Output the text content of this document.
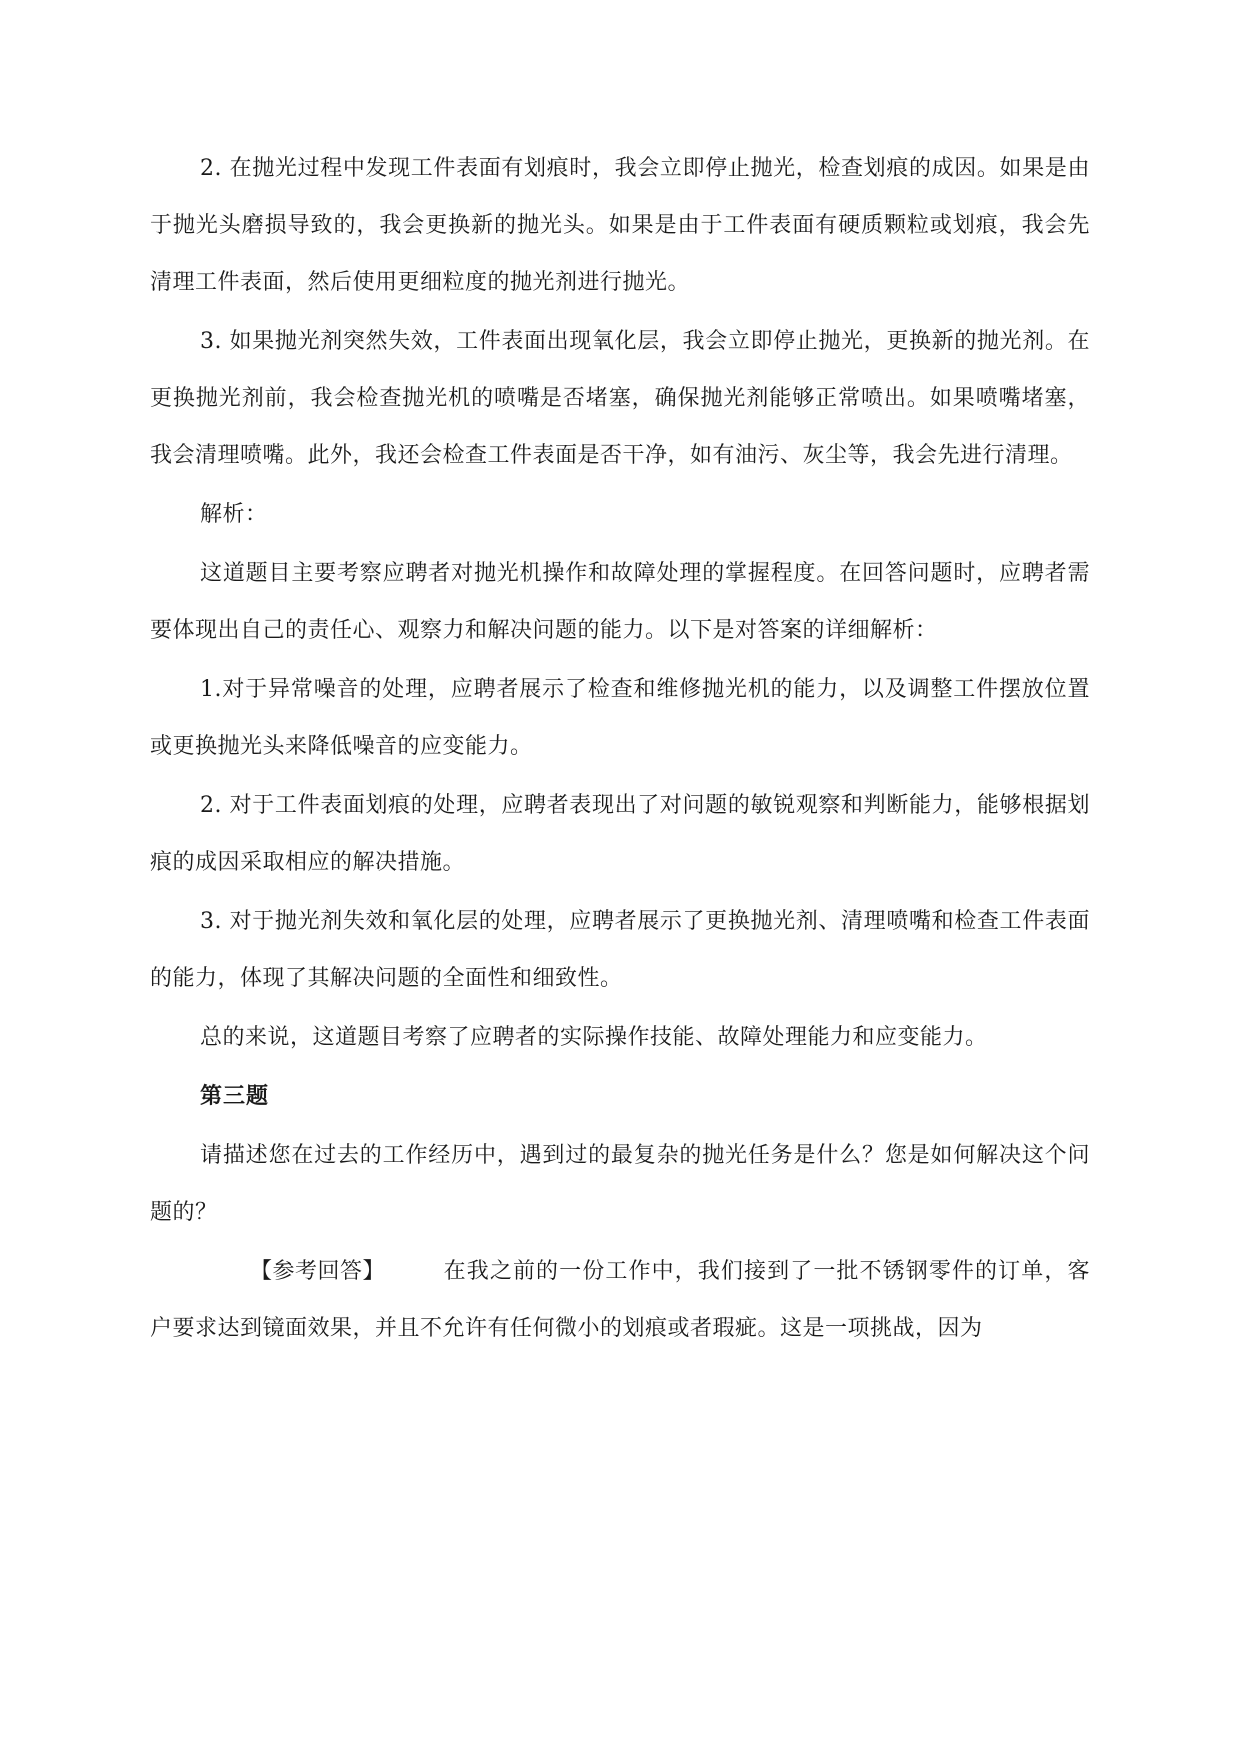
2. 在抛光过程中发现工件表面有划痕时，我会立即停止抛光，检查划痕的成因。如果是由于抛光头磨损导致的，我会更换新的抛光头。如果是由于工件表面有硬质颗粒或划痕，我会先清理工件表面，然后使用更细粒度的抛光剂进行抛光。

3. 如果抛光剂突然失效，工件表面出现氧化层，我会立即停止抛光，更换新的抛光剂。在更换抛光剂前，我会检查抛光机的喷嘴是否堵塞，确保抛光剂能够正常喷出。如果喷嘴堵塞，我会清理喷嘴。此外，我还会检查工件表面是否干净，如有油污、灰尘等，我会先进行清理。

解析：

这道题目主要考察应聘者对抛光机操作和故障处理的掌握程度。在回答问题时，应聘者需要体现出自己的责任心、观察力和解决问题的能力。以下是对答案的详细解析：

1.对于异常噪音的处理，应聘者展示了检查和维修抛光机的能力，以及调整工件摆放位置或更换抛光头来降低噪音的应变能力。

2. 对于工件表面划痕的处理，应聘者表现出了对问题的敏锐观察和判断能力，能够根据划痕的成因采取相应的解决措施。

3. 对于抛光剂失效和氧化层的处理，应聘者展示了更换抛光剂、清理喷嘴和检查工件表面的能力，体现了其解决问题的全面性和细致性。

总的来说，这道题目考察了应聘者的实际操作技能、故障处理能力和应变能力。

第三题

请描述您在过去的工作经历中，遇到过的最复杂的抛光任务是什么？您是如何解决这个问题的？

【参考回答】	在我之前的一份工作中，我们接到了一批不锈钢零件的订单，客户要求达到镜面效果，并且不允许有任何微小的划痕或者瑕疵。这是一项挑战，因为
